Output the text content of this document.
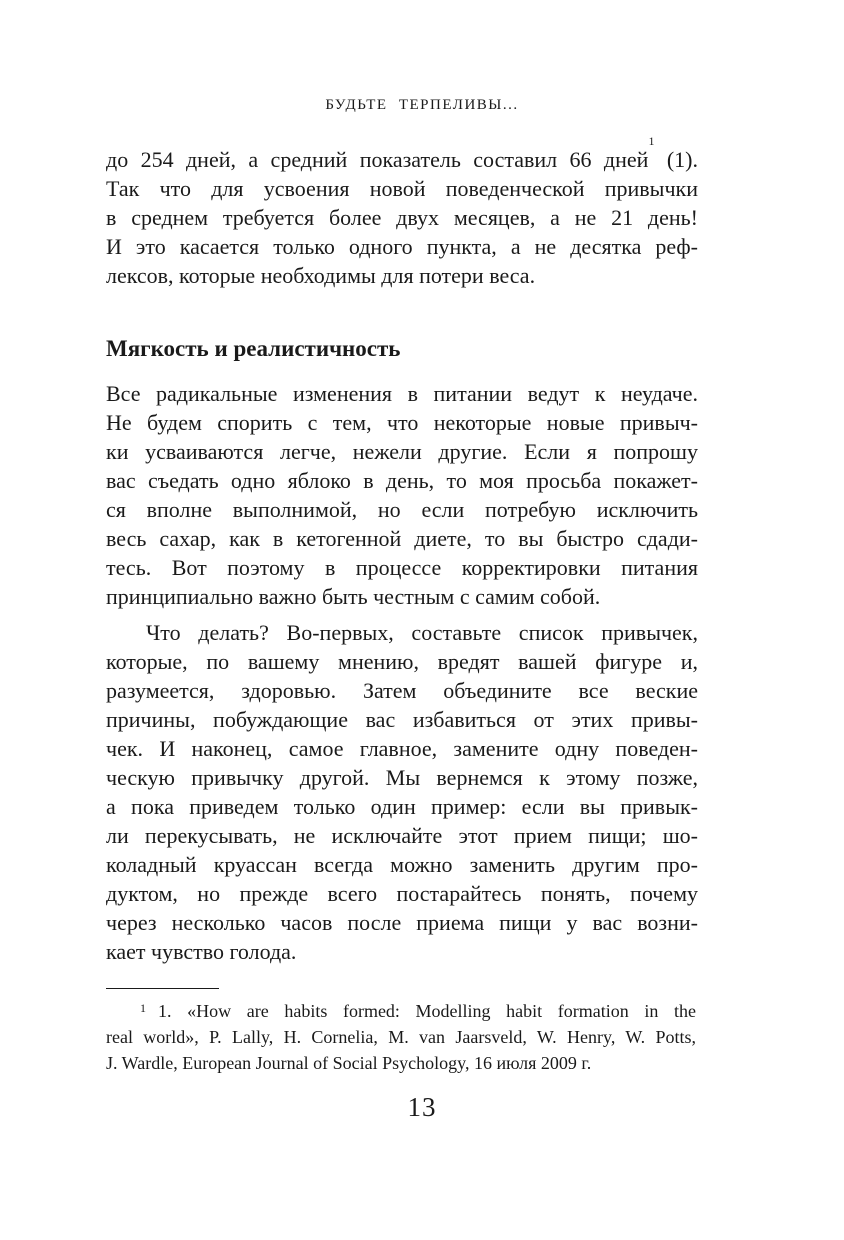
БУДЬТЕ ТЕРПЕЛИВЫ...
до 254 дней, а средний показатель составил 66 дней$^1$ (1).
Так что для усвоения новой поведенческой привычки
в среднем требуется более двух месяцев, а не 21 день!
И это касается только одного пункта, а не десятка реф-
лексов, которые необходимы для потери веса.
Мягкость и реалистичность
Все радикальные изменения в питании ведут к неудаче.
Не будем спорить с тем, что некоторые новые привыч-
ки усваиваются легче, нежели другие. Если я попрошу
вас съедать одно яблоко в день, то моя просьба покажет-
ся вполне выполнимой, но если потребую исключить
весь сахар, как в кетогенной диете, то вы быстро сдади-
тесь. Вот поэтому в процессе корректировки питания
принципиально важно быть честным с самим собой.
Что делать? Во-первых, составьте список привычек,
которые, по вашему мнению, вредят вашей фигуре и,
разумеется, здоровью. Затем объедините все веские
причины, побуждающие вас избавиться от этих привы-
чек. И наконец, самое главное, замените одну поведен-
ческую привычку другой. Мы вернемся к этому позже,
а пока приведем только один пример: если вы привык-
ли перекусывать, не исключайте этот прием пищи; шо-
коладный круассан всегда можно заменить другим про-
дуктом, но прежде всего постарайтесь понять, почему
через несколько часов после приема пищи у вас возни-
кает чувство голода.
$^1$ 1. «How are habits formed: Modelling habit formation in the
real world», P. Lally, H. Cornelia, M. van Jaarsveld, W. Henry, W. Potts,
J. Wardle, European Journal of Social Psychology, 16 июля 2009 г.
13
